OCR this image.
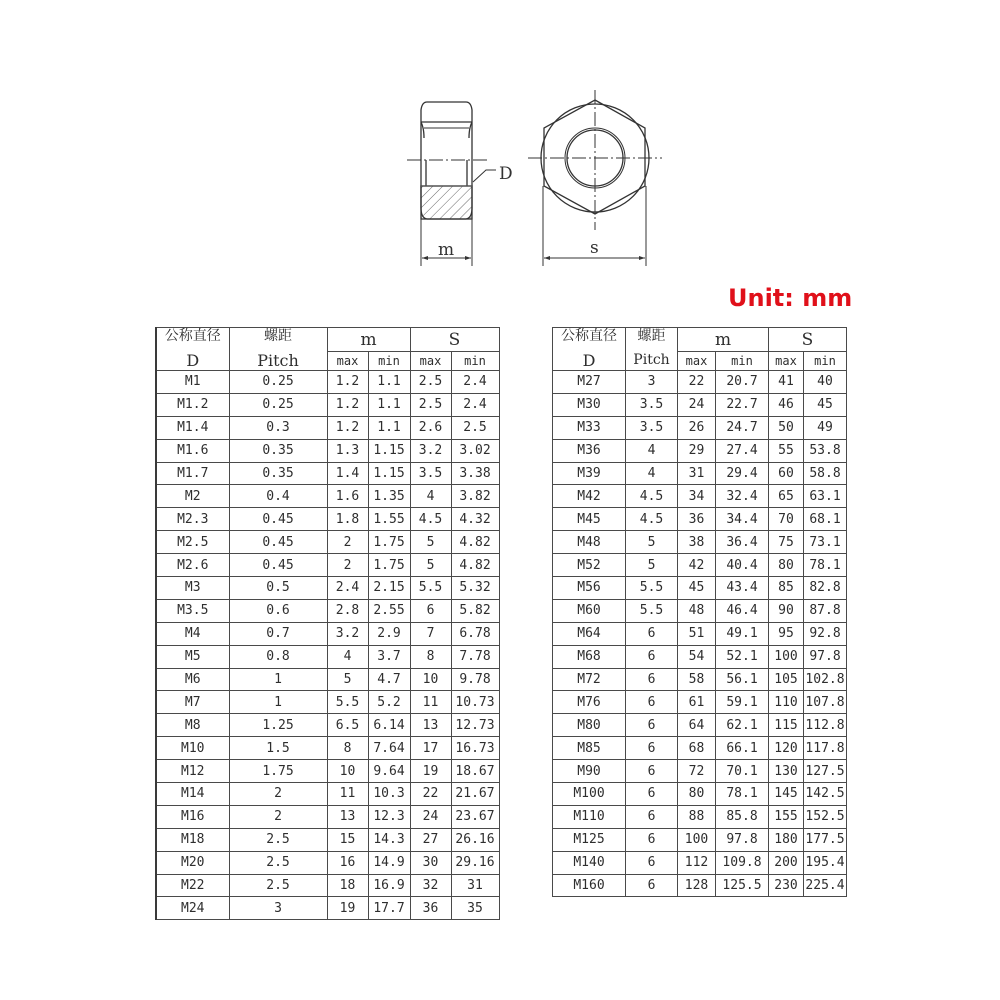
D
m	s
Unit: mm
公称直径	螺距	m		S	
D	Pitch	max	min	max	min
M1	0.25	1.2	1.1	2.5	2.4
M1.2	0.25	1.2	1.1	2.5	2.4
M1.4	0.3	1.2	1.1	2.6	2.5
M1.6	0.35	1.3	1.15	3.2	3.02
M1.7	0.35	1.4	1.15	3.5	3.38
M2	0.4	1.6	1.35	4	3.82
M2.3	0.45	1.8	1.55	4.5	4.32
M2.5	0.45	2	1.75	5	4.82
M2.6	0.45	2	1.75	5	4.82
M3	0.5	2.4	2.15	5.5	5.32
M3.5	0.6	2.8	2.55	6	5.82
M4	0.7	3.2	2.9	7	6.78
M5	0.8	4	3.7	8	7.78
M6	1	5	4.7	10	9.78
M7	1	5.5	5.2	11	10.73
M8	1.25	6.5	6.14	13	12.73
M10	1.5	8	7.64	17	16.73
M12	1.75	10	9.64	19	18.67
M14	2	11	10.3	22	21.67
M16	2	13	12.3	24	23.67
M18	2.5	15	14.3	27	26.16
M20	2.5	16	14.9	30	29.16
M22	2.5	18	16.9	32	31
M24	3	19	17.7	36	35
公称直径	螺距	m		S	
D	Pitch	max	min	max	min
M27	3	22	20.7	41	40
M30	3.5	24	22.7	46	45
M33	3.5	26	24.7	50	49
M36	4	29	27.4	55	53.8
M39	4	31	29.4	60	58.8
M42	4.5	34	32.4	65	63.1
M45	4.5	36	34.4	70	68.1
M48	5	38	36.4	75	73.1
M52	5	42	40.4	80	78.1
M56	5.5	45	43.4	85	82.8
M60	5.5	48	46.4	90	87.8
M64	6	51	49.1	95	92.8
M68	6	54	52.1	100	97.8
M72	6	58	56.1	105	102.8
M76	6	61	59.1	110	107.8
M80	6	64	62.1	115	112.8
M85	6	68	66.1	120	117.8
M90	6	72	70.1	130	127.5
M100	6	80	78.1	145	142.5
M110	6	88	85.8	155	152.5
M125	6	100	97.8	180	177.5
M140	6	112	109.8	200	195.4
M160	6	128	125.5	230	225.4
